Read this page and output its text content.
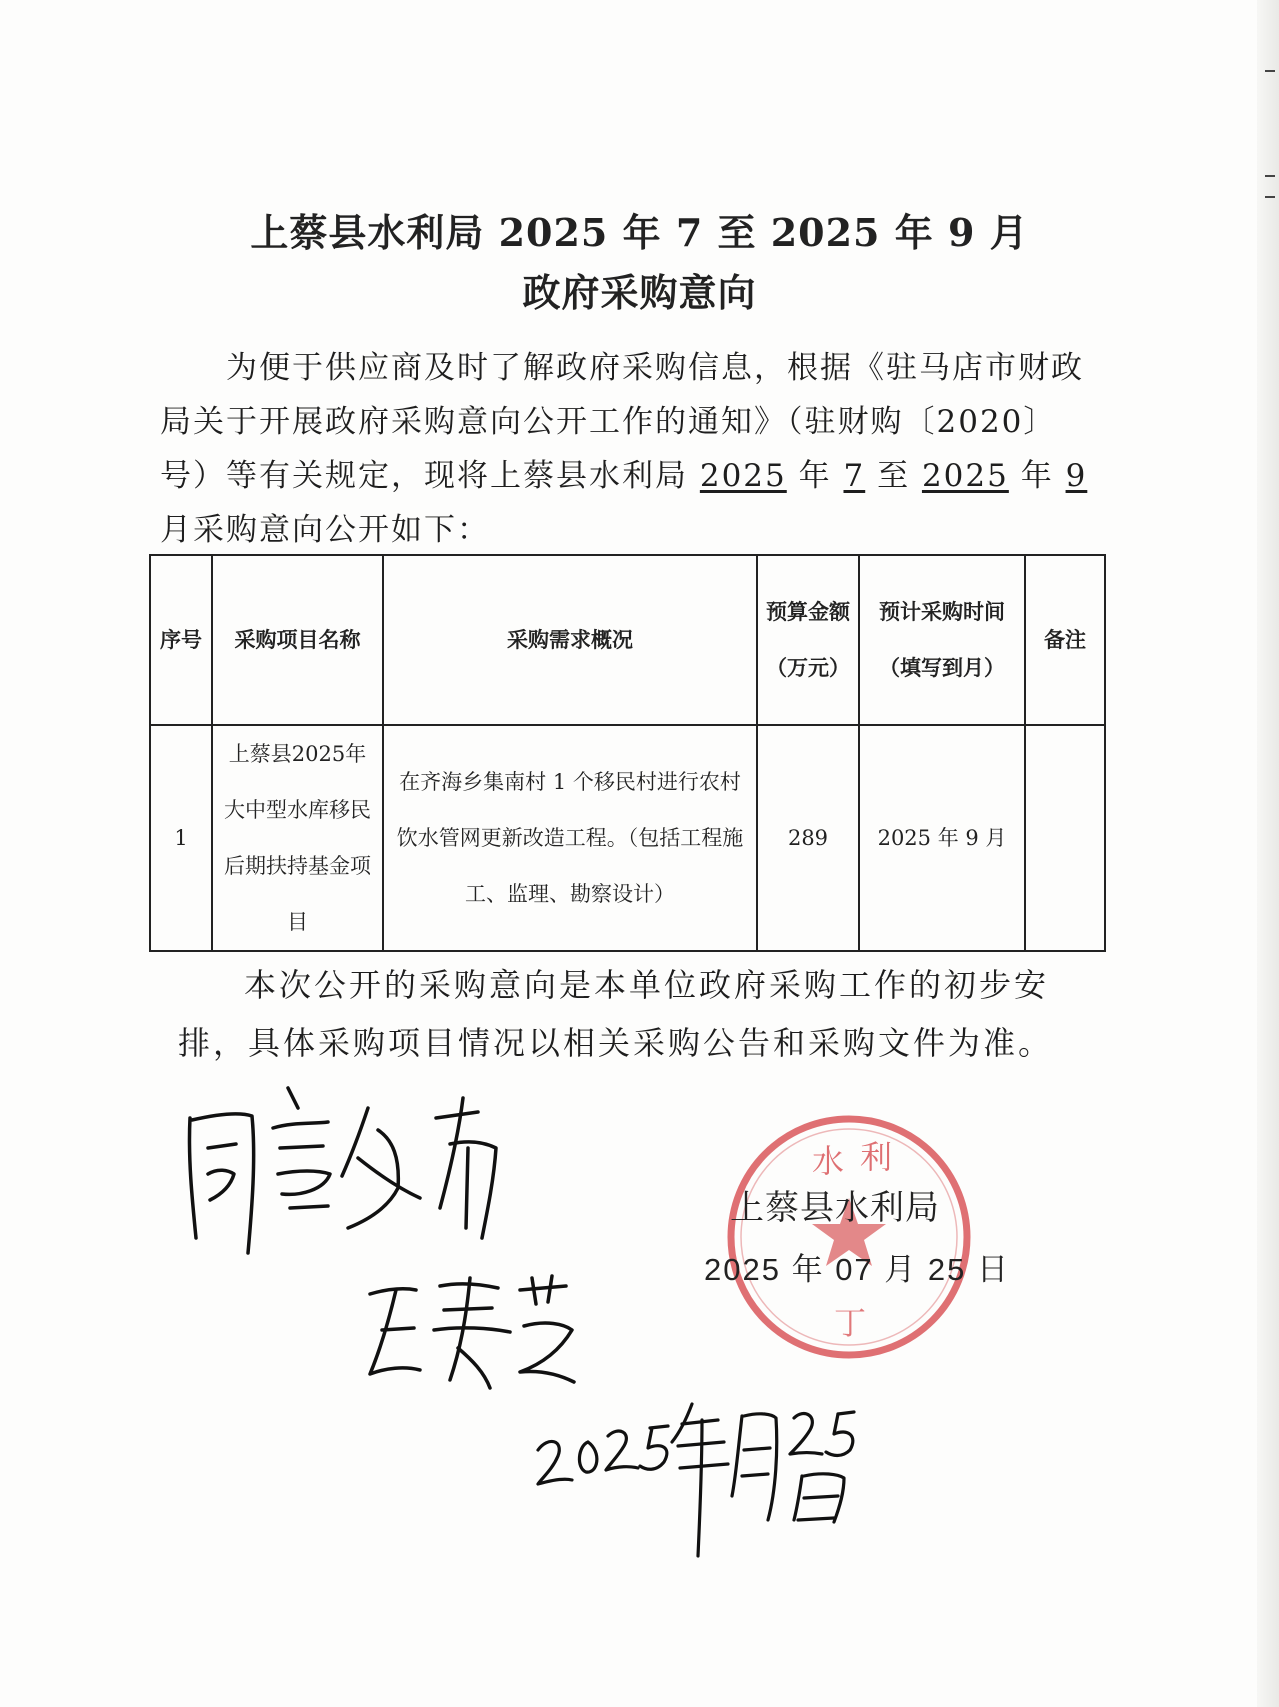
上蔡县水利局 2025 年 7 至 2025 年 9 月
政府采购意向
为便于供应商及时了解政府采购信息，根据《驻马店市财政局关于开展政府采购意向公开工作的通知》（驻财购〔2020〕号）等有关规定，现将上蔡县水利局 2025 年 7 至 2025 年 9月采购意向公开如下：
序号	采购项目名称	采购需求概况	预算金额（万元）	预计采购时间（填写到月）	备注
1	上蔡县2025年大中型水库移民后期扶持基金项目	在齐海乡集南村 1 个移民村进行农村饮水管网更新改造工程。（包括工程施工、监理、勘察设计）	289	2025 年 9 月	
本次公开的采购意向是本单位政府采购工作的初步安排，具体采购项目情况以相关采购公告和采购文件为准。
水 利
丁
上蔡县水利局
2025 年 07 月 25 日
